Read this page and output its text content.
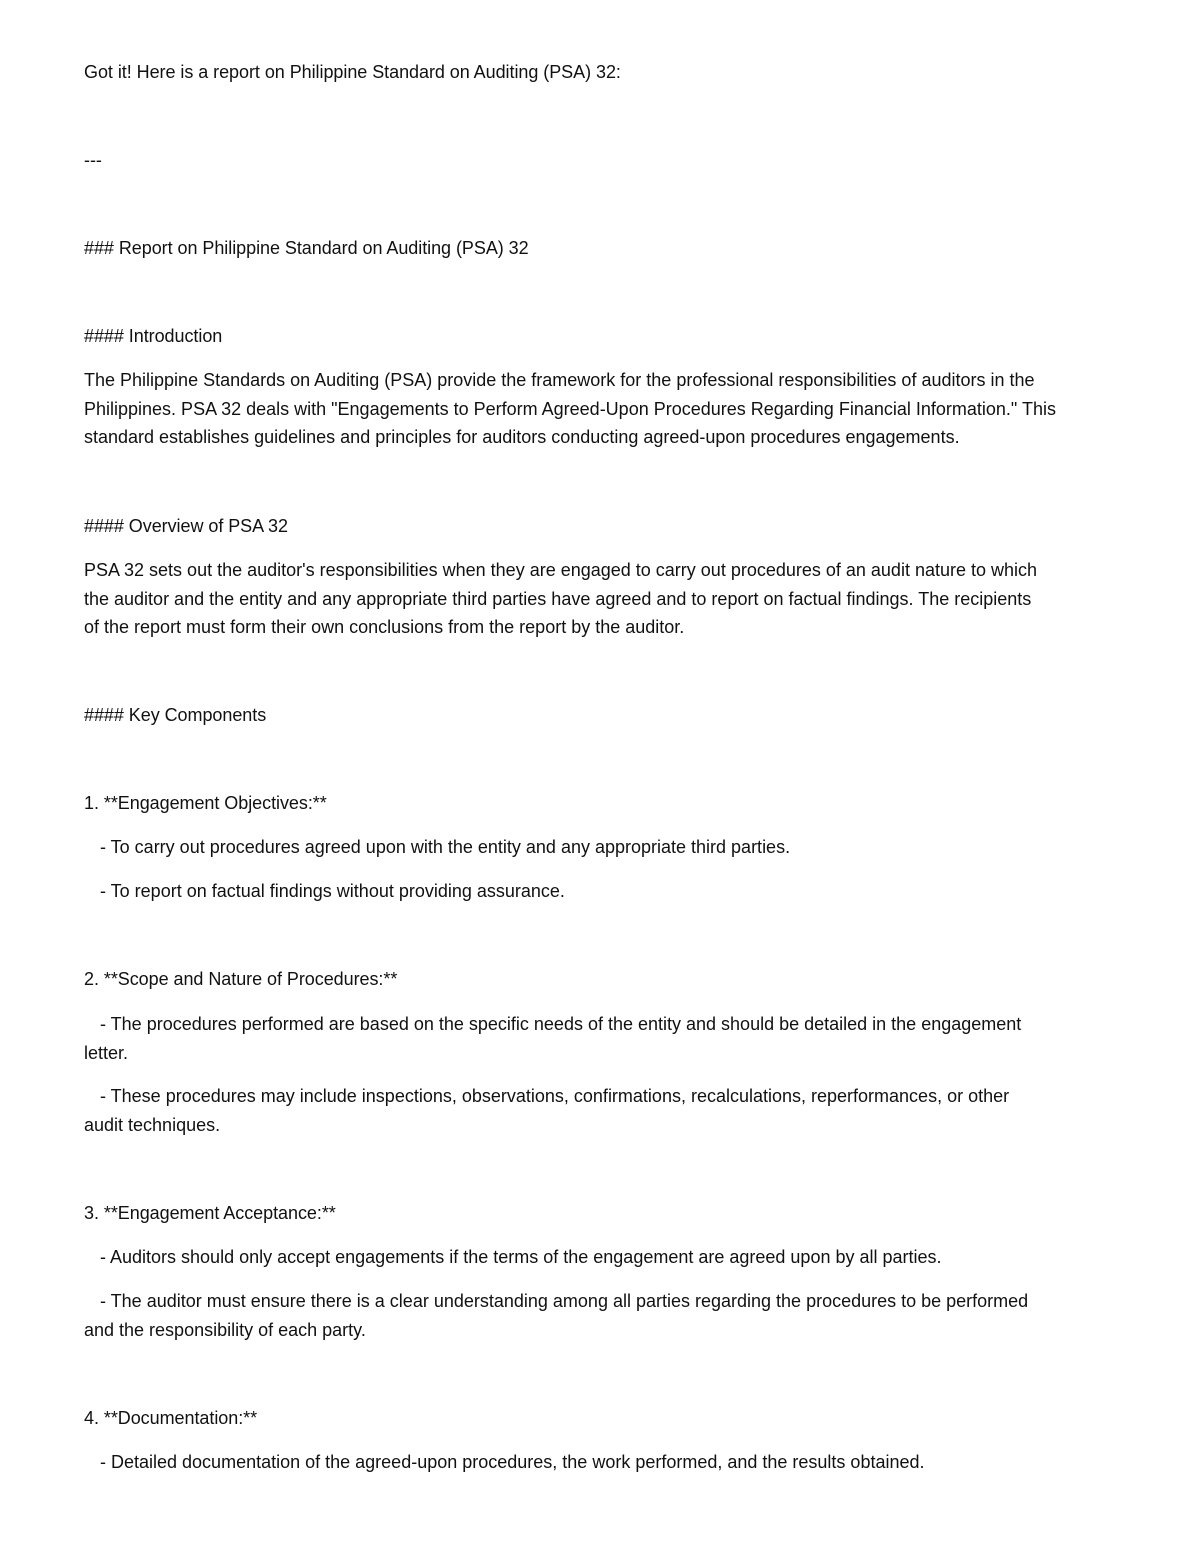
Got it! Here is a report on Philippine Standard on Auditing (PSA) 32:
---
### Report on Philippine Standard on Auditing (PSA) 32
#### Introduction
The Philippine Standards on Auditing (PSA) provide the framework for the professional responsibilities of auditors in the
Philippines. PSA 32 deals with "Engagements to Perform Agreed-Upon Procedures Regarding Financial Information." This
standard establishes guidelines and principles for auditors conducting agreed-upon procedures engagements.
#### Overview of PSA 32
PSA 32 sets out the auditor's responsibilities when they are engaged to carry out procedures of an audit nature to which
the auditor and the entity and any appropriate third parties have agreed and to report on factual findings. The recipients
of the report must form their own conclusions from the report by the auditor.
#### Key Components
1. **Engagement Objectives:**
- To carry out procedures agreed upon with the entity and any appropriate third parties.
- To report on factual findings without providing assurance.
2. **Scope and Nature of Procedures:**
- The procedures performed are based on the specific needs of the entity and should be detailed in the engagement
letter.
- These procedures may include inspections, observations, confirmations, recalculations, reperformances, or other
audit techniques.
3. **Engagement Acceptance:**
- Auditors should only accept engagements if the terms of the engagement are agreed upon by all parties.
- The auditor must ensure there is a clear understanding among all parties regarding the procedures to be performed
and the responsibility of each party.
4. **Documentation:**
- Detailed documentation of the agreed-upon procedures, the work performed, and the results obtained.
